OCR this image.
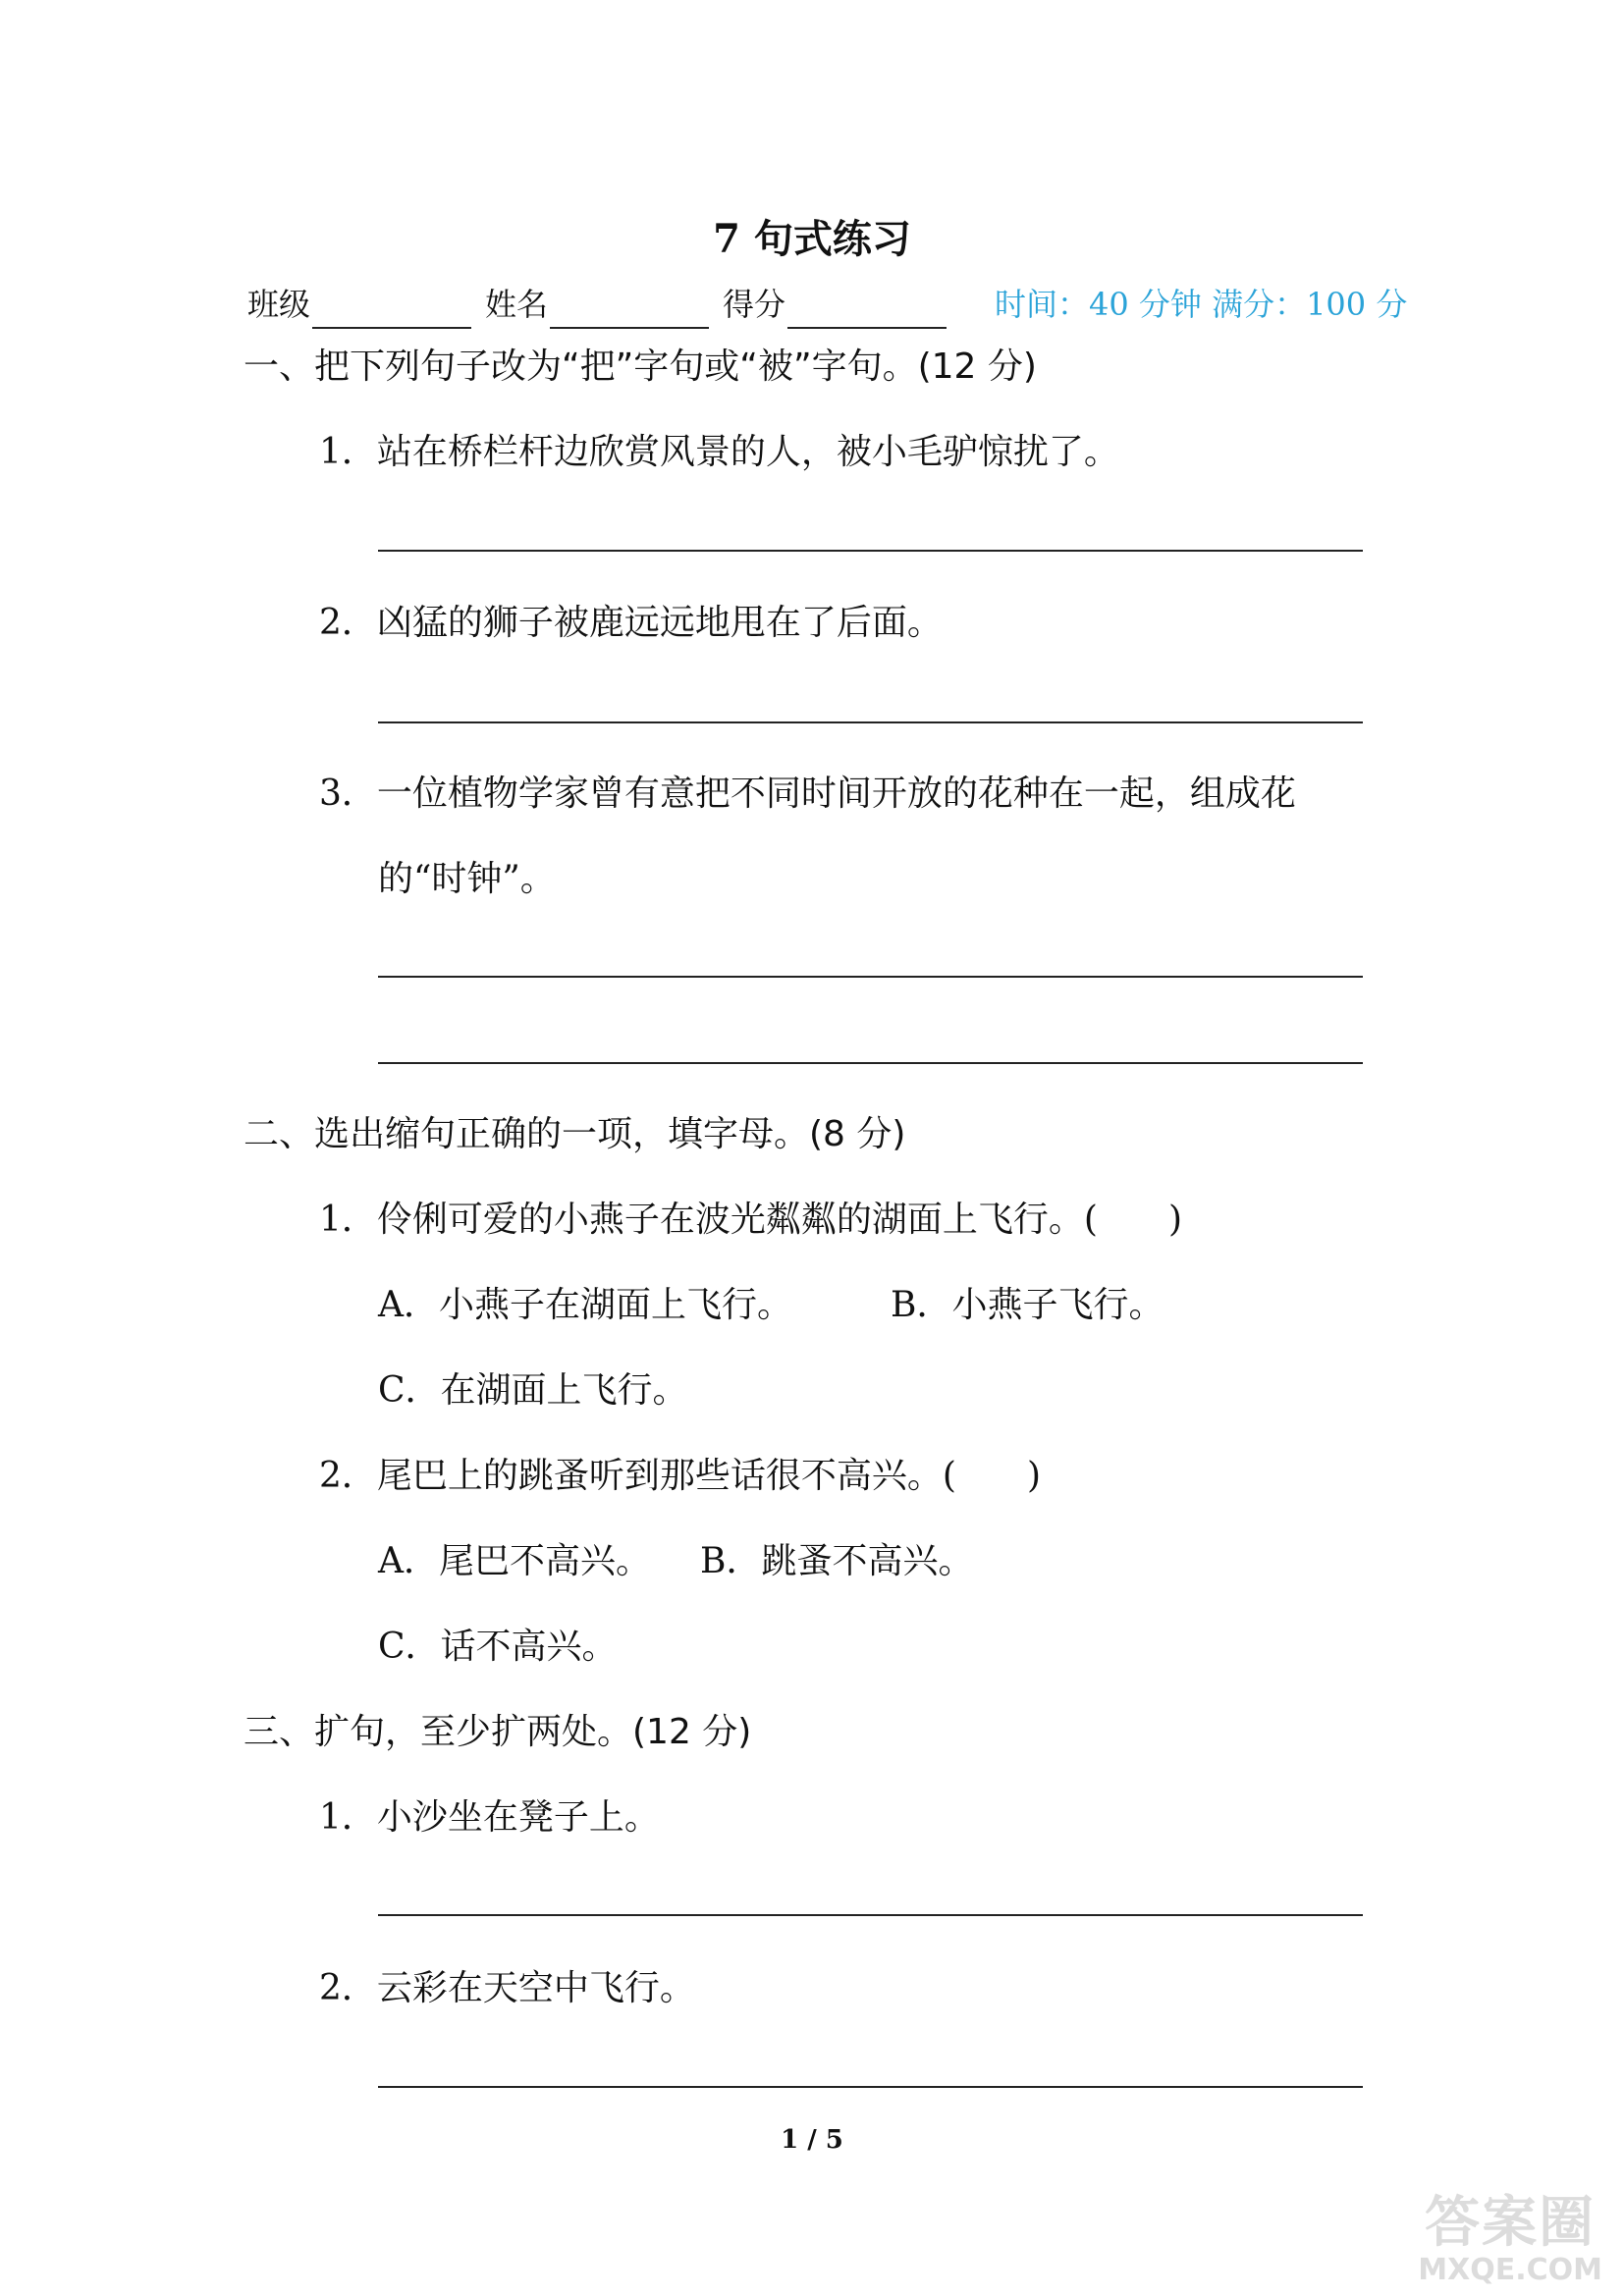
7 句式练习
班级	姓名	得分	时间：40 分钟 满分：100 分
一、把下列句子改为“把”字句或“被”字句。(12 分)
1．站在桥栏杆边欣赏风景的人，被小毛驴惊扰了。
2．凶猛的狮子被鹿远远地甩在了后面。
3．一位植物学家曾有意把不同时间开放的花种在一起，组成花
的“时钟”。
二、选出缩句正确的一项，填字母。(8 分)
1．伶俐可爱的小燕子在波光粼粼的湖面上飞行。(　　)
A．小燕子在湖面上飞行。	B．小燕子飞行。
C．在湖面上飞行。
2．尾巴上的跳蚤听到那些话很不高兴。(　　)
A．尾巴不高兴。 B．跳蚤不高兴。
C．话不高兴。
三、扩句，至少扩两处。(12 分)
1．小沙坐在凳子上。
2．云彩在天空中飞行。
1 / 5
答案圈
MXQE.COM
